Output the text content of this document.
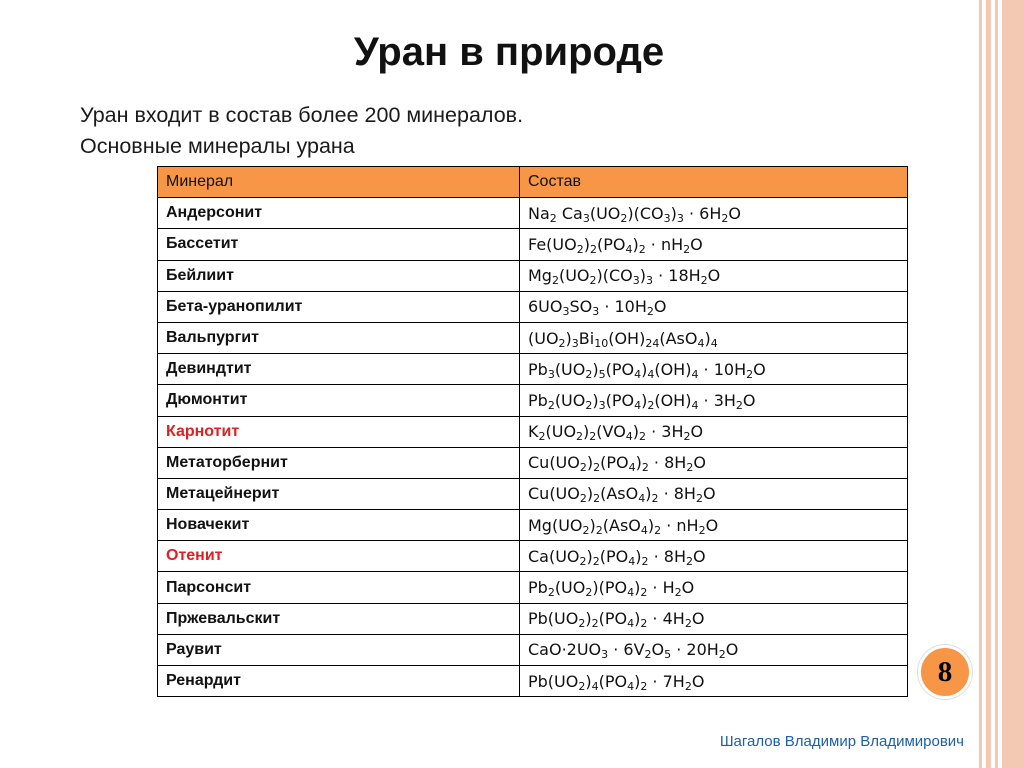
Уран в природе
Уран входит в состав более 200 минералов.
Основные минералы урана
Минерал	Состав
Андерсонит	$Na_2$ $Ca_3(UO_2)(CO_3)_3 \cdot 6H_2O$
Бассетит	$Fe(UO_2)_2(PO_4)_2 \cdot nH_2O$
Бейлиит	$Mg_2(UO_2)(CO_3)_3 \cdot 18H_2O$
Бета-уранопилит	$6UO_3SO_3 \cdot 10H_2O$
Вальпургит	$(UO_2)_3Bi_{10}(OH)_{24}(AsO_4)_4$
Девиндтит	$Pb_3(UO_2)_5(PO_4)_4(OH)_4 \cdot 10H_2O$
Дюмонтит	$Pb_2(UO_2)_3(PO_4)_2(OH)_4 \cdot 3H_2O$
Карнотит	$K_2(UO_2)_2(VO_4)_2 \cdot 3H_2O$
Метаторбернит	$Cu(UO_2)_2(PO_4)_2 \cdot 8H_2O$
Метацейнерит	$Cu(UO_2)_2(AsO_4)_2 \cdot 8H_2O$
Новачекит	$Mg(UO_2)_2(AsO_4)_2 \cdot nH_2O$
Отенит	$Ca(UO_2)_2(PO_4)_2 \cdot 8H_2O$
Парсонсит	$Pb_2(UO_2)(PO_4)_2 \cdot H_2O$
Пржевальскит	$Pb(UO_2)_2(PO_4)_2 \cdot 4H_2O$
Раувит	$CaO\cdot 2UO_3 \cdot 6V_2O_5 \cdot 20H_2O$
Ренардит	$Pb(UO_2)_4(PO_4)_2 \cdot 7H_2O$	8
Шагалов Владимир Владимирович
